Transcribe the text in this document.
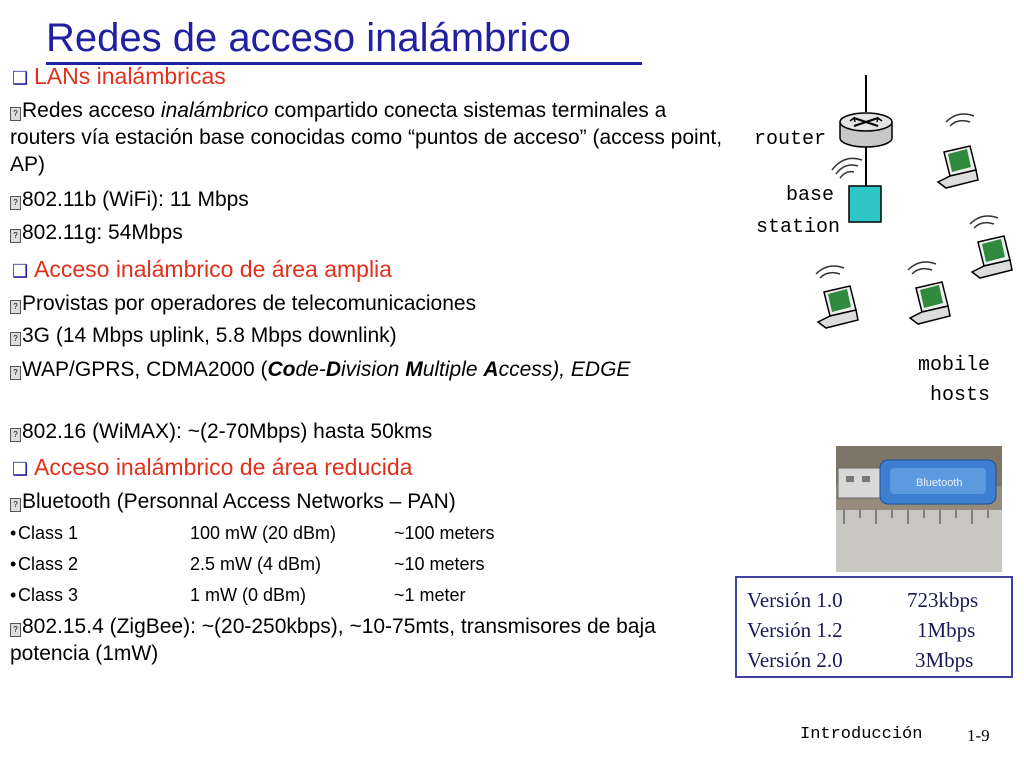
Redes de acceso inalámbrico
❑ LANs inalámbricas
? Redes acceso inalámbrico compartido conecta sistemas terminales a routers vía estación base conocidas como “puntos de acceso” (access point, AP)
? 802.11b (WiFi): 11 Mbps
? 802.11g: 54Mbps
❑ Acceso inalámbrico de área amplia
? Provistas por operadores de telecomunicaciones
? 3G (14 Mbps uplink, 5.8 Mbps downlink)
? WAP/GPRS, CDMA2000 (Code-Division Multiple Access), EDGE
? 802.16 (WiMAX): ~(2-70Mbps) hasta 50kms
❑ Acceso inalámbrico de área reducida
? Bluetooth (Personnal Access Networks – PAN)
•Class 1	100 mW (20 dBm)	~100 meters
•Class 2	2.5 mW (4 dBm)	~10 meters
•Class 3	1 mW (0 dBm)	~1 meter
? 802.15.4 (ZigBee): ~(20-250kbps), ~10-75mts, transmisores de baja potencia (1mW)
router
base
station
mobile
hosts
Bluetooth
Versión 1.0	723kbps
Versión 1.2	1Mbps
Versión 2.0	3Mbps
Introducción	1-9
